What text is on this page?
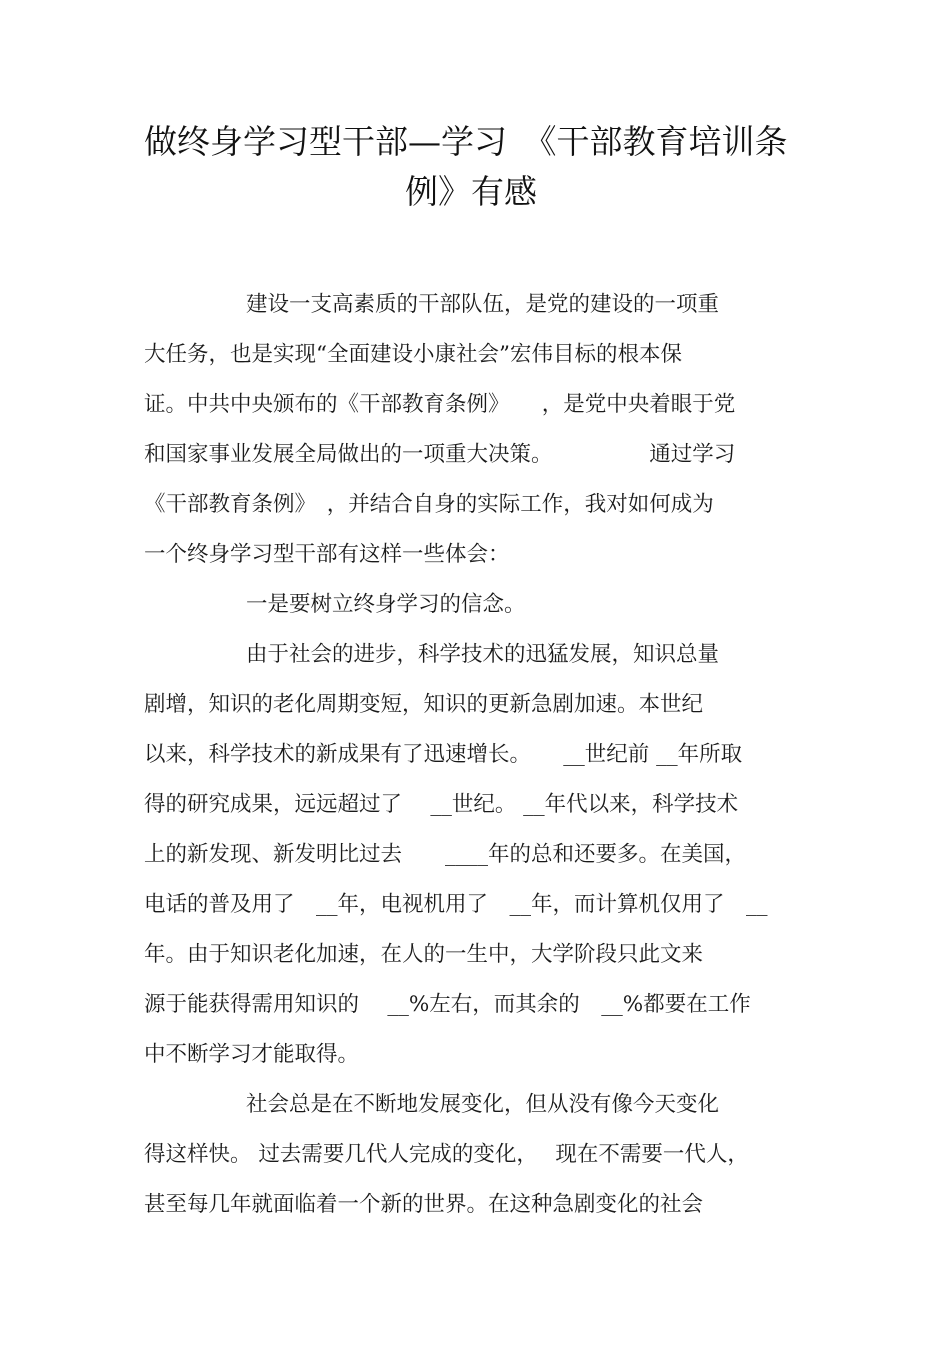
做终身学习型干部—学习　《干部教育培训条
例》有感
建设一支高素质的干部队伍，是党的建设的一项重
大任务，也是实现“全面建设小康社会”宏伟目标的根本保
证。中共中央颁布的《干部教育条例》　　，是党中央着眼于党
和国家事业发展全局做出的一项重大决策。　　　　　通过学习
《干部教育条例》　，并结合自身的实际工作，我对如何成为
一个终身学习型干部有这样一些体会：
一是要树立终身学习的信念。
由于社会的进步，科学技术的迅猛发展，知识总量
剧增，知识的老化周期变短，知识的更新急剧加速。本世纪
以来，科学技术的新成果有了迅速增长。　　__世纪前 __年所取
得的研究成果，远远超过了　 __世纪。 __年代以来，科学技术
上的新发现、新发明比过去　　____年的总和还要多。在美国，
电话的普及用了　__年，电视机用了　__年，而计算机仅用了　__
年。由于知识老化加速，在人的一生中，大学阶段只此文来
源于能获得需用知识的　 __%左右，而其余的　__%都要在工作
中不断学习才能取得。
社会总是在不断地发展变化，但从没有像今天变化
得这样快。 过去需要几代人完成的变化，　 现在不需要一代人，
甚至每几年就面临着一个新的世界。在这种急剧变化的社会
